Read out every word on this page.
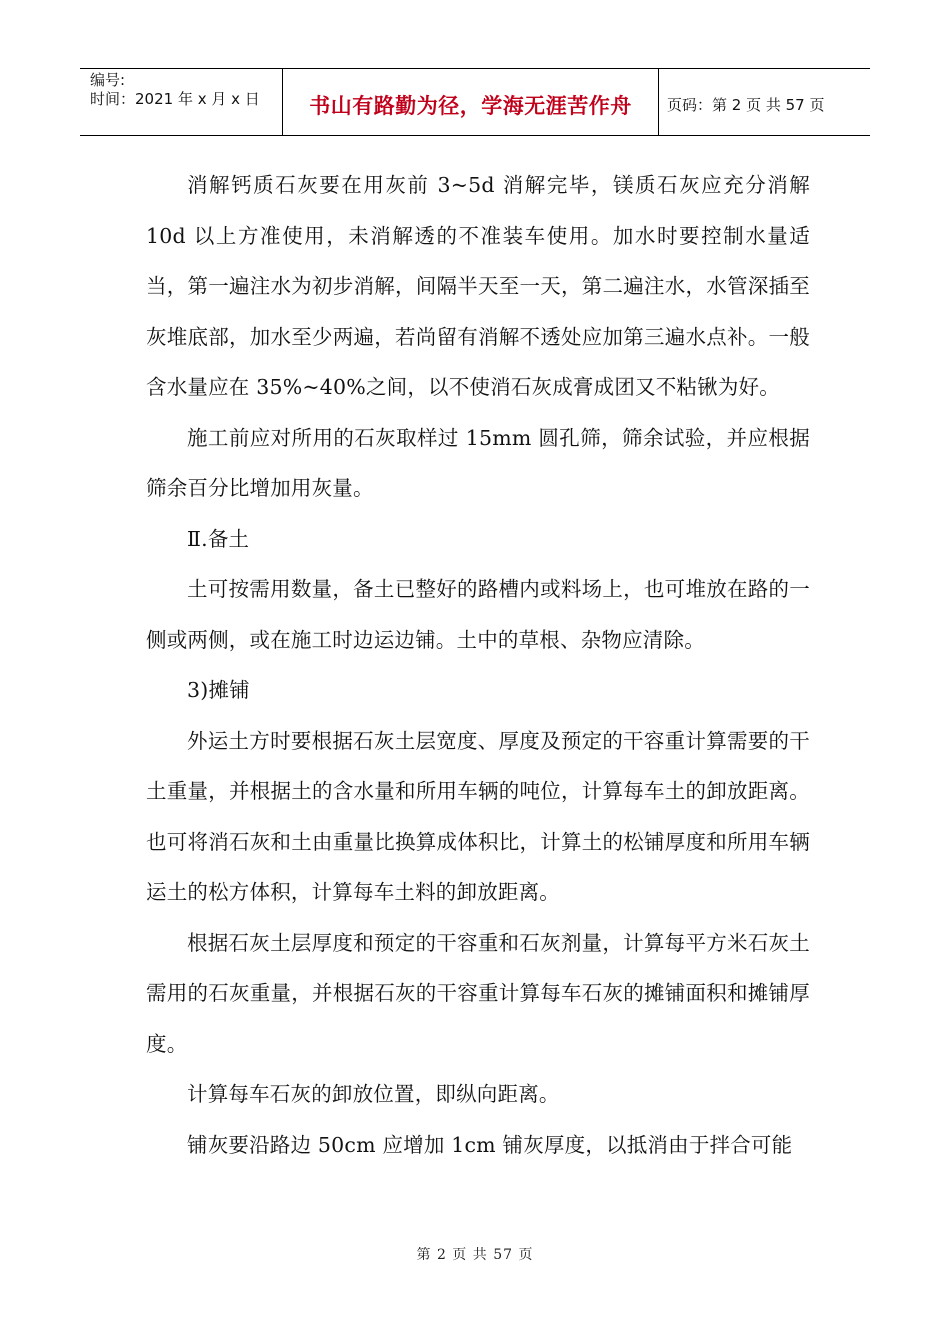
编号:
时间：2021 年 x 月 x 日	书山有路勤为径，学海无涯苦作舟 页码：第 2 页 共 57 页

消解钙质石灰要在用灰前 3~5d 消解完毕，镁质石灰应充分消解 10d 以上方准使用，未消解透的不准装车使用。加水时要控制水量适当，第一遍注水为初步消解，间隔半天至一天，第二遍注水，水管深插至灰堆底部，加水至少两遍，若尚留有消解不透处应加第三遍水点补。一般含水量应在 35%~40%之间，以不使消石灰成膏成团又不粘锹为好。

施工前应对所用的石灰取样过 15mm 圆孔筛，筛余试验，并应根据筛余百分比增加用灰量。

Ⅱ.备土

土可按需用数量，备土已整好的路槽内或料场上，也可堆放在路的一侧或两侧，或在施工时边运边铺。土中的草根、杂物应清除。

3)摊铺

外运土方时要根据石灰土层宽度、厚度及预定的干容重计算需要的干土重量，并根据土的含水量和所用车辆的吨位，计算每车土的卸放距离。也可将消石灰和土由重量比换算成体积比，计算土的松铺厚度和所用车辆运土的松方体积，计算每车土料的卸放距离。

根据石灰土层厚度和预定的干容重和石灰剂量，计算每平方米石灰土需用的石灰重量，并根据石灰的干容重计算每车石灰的摊铺面积和摊铺厚度。

计算每车石灰的卸放位置，即纵向距离。

铺灰要沿路边 50cm 应增加 1cm 铺灰厚度，以抵消由于拌合可能

第 2 页 共 57 页
